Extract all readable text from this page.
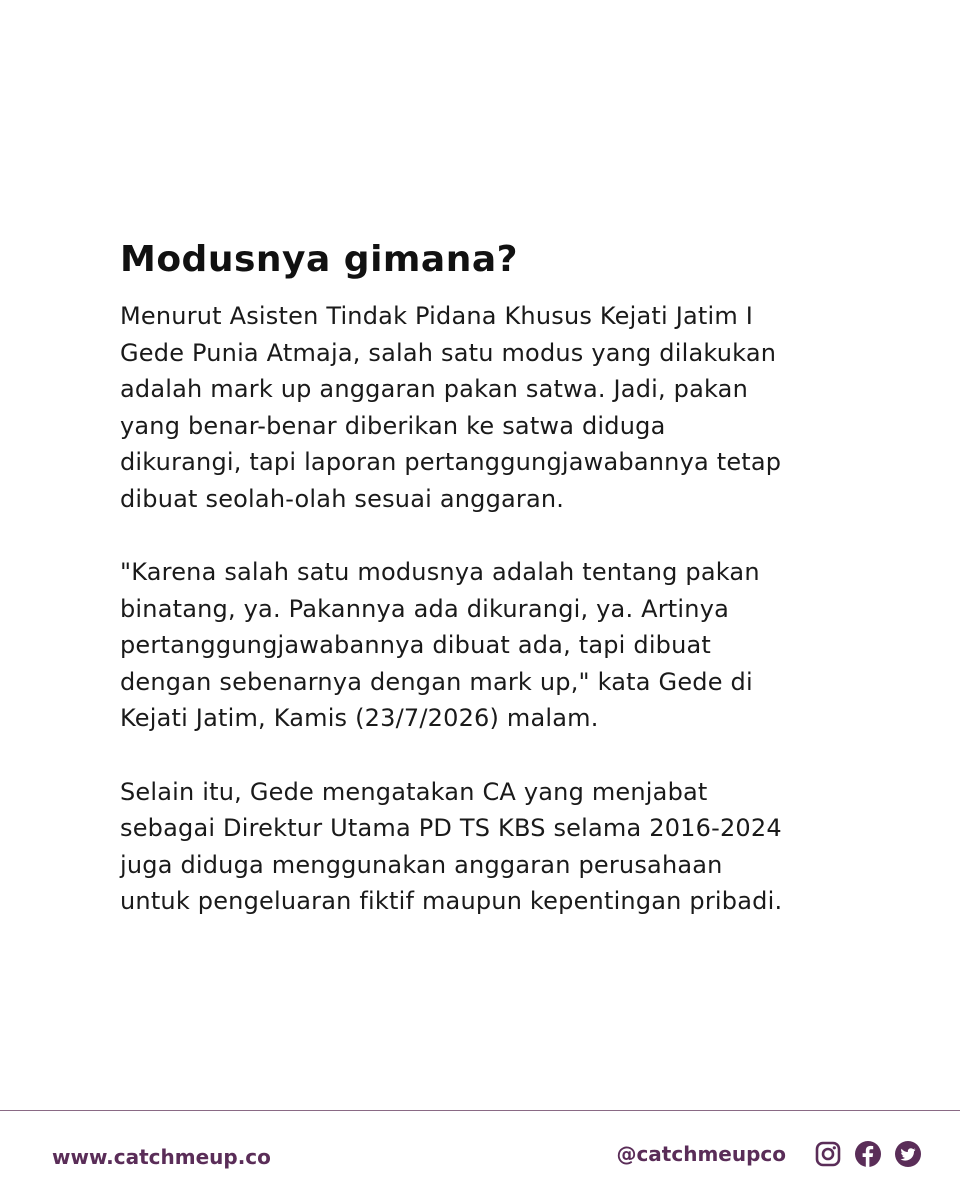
Modusnya gimana?

Menurut Asisten Tindak Pidana Khusus Kejati Jatim I
Gede Punia Atmaja, salah satu modus yang dilakukan
adalah mark up anggaran pakan satwa. Jadi, pakan
yang benar-benar diberikan ke satwa diduga
dikurangi, tapi laporan pertanggungjawabannya tetap
dibuat seolah-olah sesuai anggaran.

"Karena salah satu modusnya adalah tentang pakan
binatang, ya. Pakannya ada dikurangi, ya. Artinya
pertanggungjawabannya dibuat ada, tapi dibuat
dengan sebenarnya dengan mark up," kata Gede di
Kejati Jatim, Kamis (23/7/2026) malam.

Selain itu, Gede mengatakan CA yang menjabat
sebagai Direktur Utama PD TS KBS selama 2016-2024
juga diduga menggunakan anggaran perusahaan
untuk pengeluaran fiktif maupun kepentingan pribadi.

www.catchmeup.co	@catchmeupco
